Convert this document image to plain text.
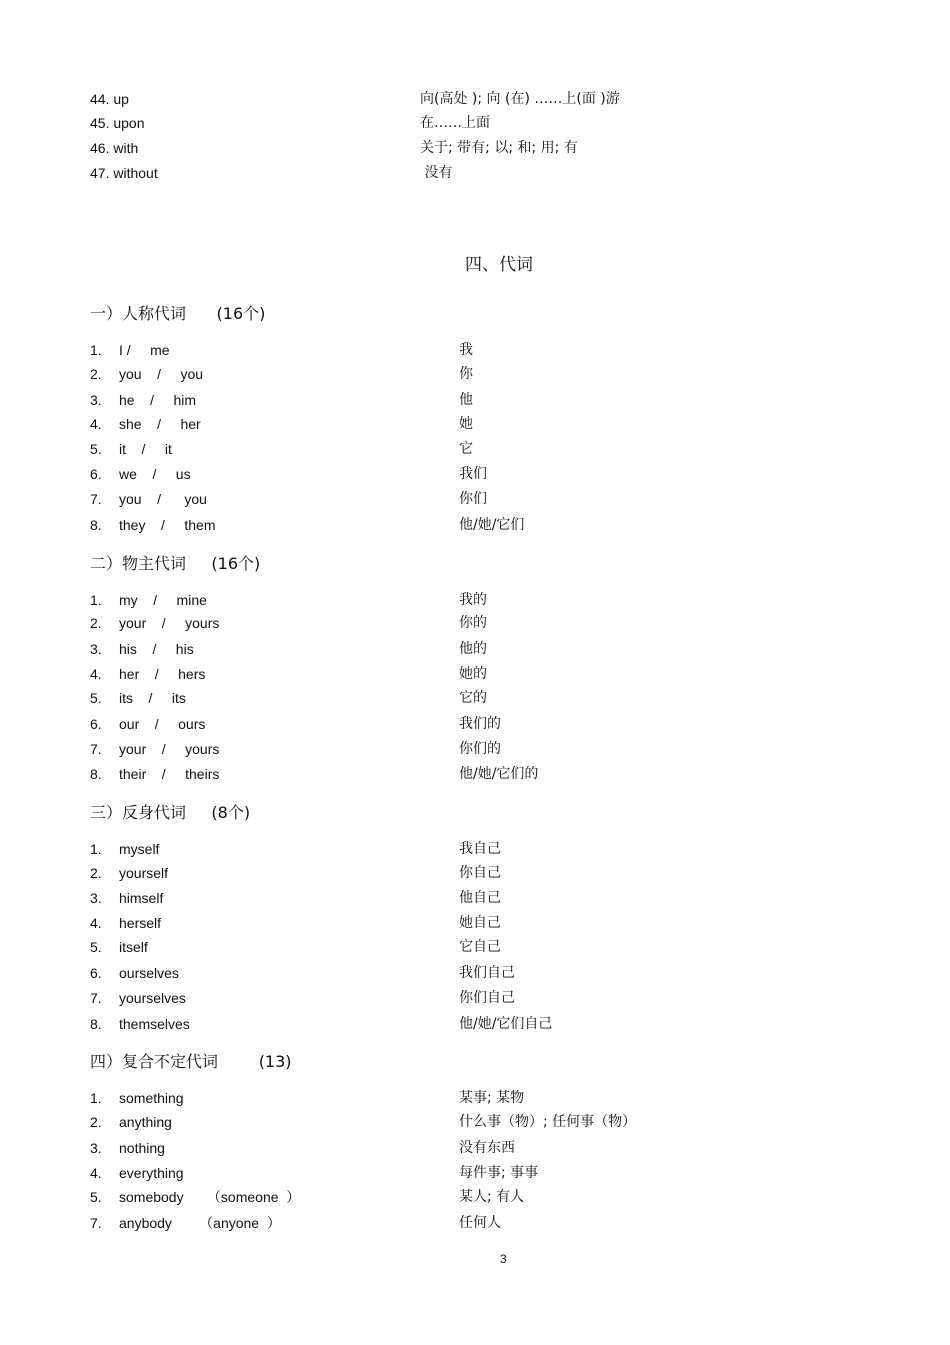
44. up	向(高处 ); 向 (在) ……上(面 )游
45. upon	在……上面
46. with	关于; 带有; 以; 和; 用; 有
47. without	没有
四、代词
一）人称代词      (16个)
1. I /     me	我
2. you    /     you	你
3. he    /     him	他
4. she    /     her	她
5. it    /     it	它
6. we    /     us	我们
7. you    /      you	你们
8. they    /     them	他/她/它们
二）物主代词     (16个)
1. my    /     mine	我的
2. your    /     yours	你的
3. his    /     his	他的
4. her    /     hers	她的
5. its    /     its	它的
6. our    /     ours	我们的
7. your    /     yours	你们的
8. their    /     theirs	他/她/它们的
三）反身代词     (8个)
1. myself	我自己
2. yourself	你自己
3. himself	他自己
4. herself	她自己
5. itself	它自己
6. ourselves	我们自己
7. yourselves	你们自己
8. themselves	他/她/它们自己
四）复合不定代词        (13)
1. something	某事; 某物
2. anything	什么事（物）; 任何事（物）
3. nothing	没有东西
4. everything	每件事; 事事
5. somebody      （someone  ）	某人; 有人
7. anybody       （anyone  ）	任何人
3
